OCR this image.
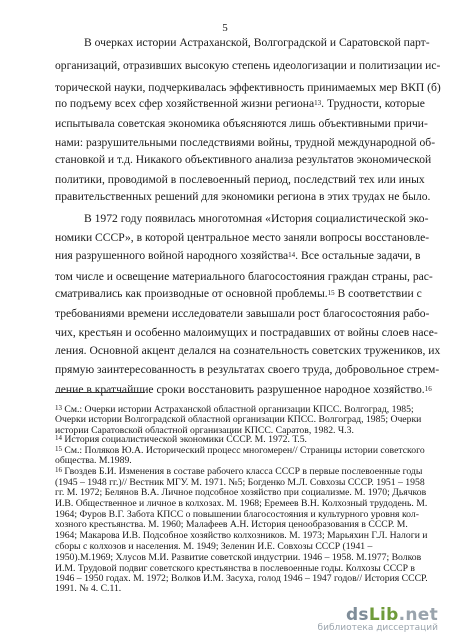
5
В очерках истории Астраханской, Волгоградской и Саратовской парт-
организаций, отразивших высокую степень идеологизации и политизации ис-
торической науки, подчеркивалась эффективность принимаемых мер ВКП (б)
по подъему всех сфер хозяйственной жизни региона$^{13}$. Трудности, которые
испытывала советская экономика объясняются лишь объективными причи-
нами: разрушительными последствиями войны, трудной международной об-
становкой и т.д. Никакого объективного анализа результатов экономической
политики, проводимой в послевоенный период, последствий тех или иных
правительственных решений для экономики региона в этих трудах не было.
В 1972 году появилась многотомная «История социалистической эко-
номики СССР», в которой центральное место заняли вопросы восстановле-
ния разрушенного войной народного хозяйства$^{14}$. Все остальные задачи, в
том числе и освещение материального благосостояния граждан страны, рас-
сматривались как производные от основной проблемы.$^{15}$ В соответствии с
требованиями времени исследователи завышали рост благосостояния рабо-
чих, крестьян и особенно малоимущих и пострадавших от войны слоев насе-
ления. Основной акцент делался на сознательность советских тружеников, их
прямую заинтересованность в результатах своего труда, добровольное стрем-
ление в кратчайшие сроки восстановить разрушенное народное хозяйство.$^{16}$
$^{13}$ См.: Очерки истории Астраханской областной организации КПСС. Волгоград, 1985;
Очерки истории Волгоградской областной организации КПСС. Волгоград, 1985; Очерки
истории Саратовской областной организации КПСС. Саратов, 1982. Ч.3.
$^{14}$ История социалистической экономики СССР. М. 1972. Т.5.
$^{15}$ См.: Поляков Ю.А. Исторический процесс многомерен// Страницы истории советского
общества. М.1989.
$^{16}$ Гвоздев Б.И. Изменения в составе рабочего класса СССР в первые послевоенные годы
(1945 – 1948 гг.)// Вестник МГУ. М. 1971. №5; Богденко М.Л. Совхозы СССР. 1951 – 1958
гг. М. 1972; Белянов В.А. Личное подсобное хозяйство при социализме. М. 1970; Дьячков
И.В. Общественное и личное в колхозах. М. 1968; Еремеев В.Н. Колхозный трудодень. М.
1964; Фуров В.Г. Забота КПСС о повышении благосостояния и культурного уровня кол-
хозного крестьянства. М. 1960; Малафеев А.Н. История ценообразования в СССР. М.
1964; Макарова И.В. Подсобное хозяйство колхозников. М. 1973; Марьяхин Г.Л. Налоги и
сборы с колхозов и населения. М. 1949; Зеленин И.Е. Совхозы СССР (1941 –
1950).М.1969; Хлусов М.И. Развитие советской индустрии. 1946 – 1958. М.1977; Волков
И.М. Трудовой подвиг советского крестьянства в послевоенные годы. Колхозы СССР в
1946 – 1950 годах. М. 1972; Волков И.М. Засуха, голод 1946 – 1947 годов// История СССР.
1991. № 4. С.11.
dsLib.net
библиотека диссертаций
